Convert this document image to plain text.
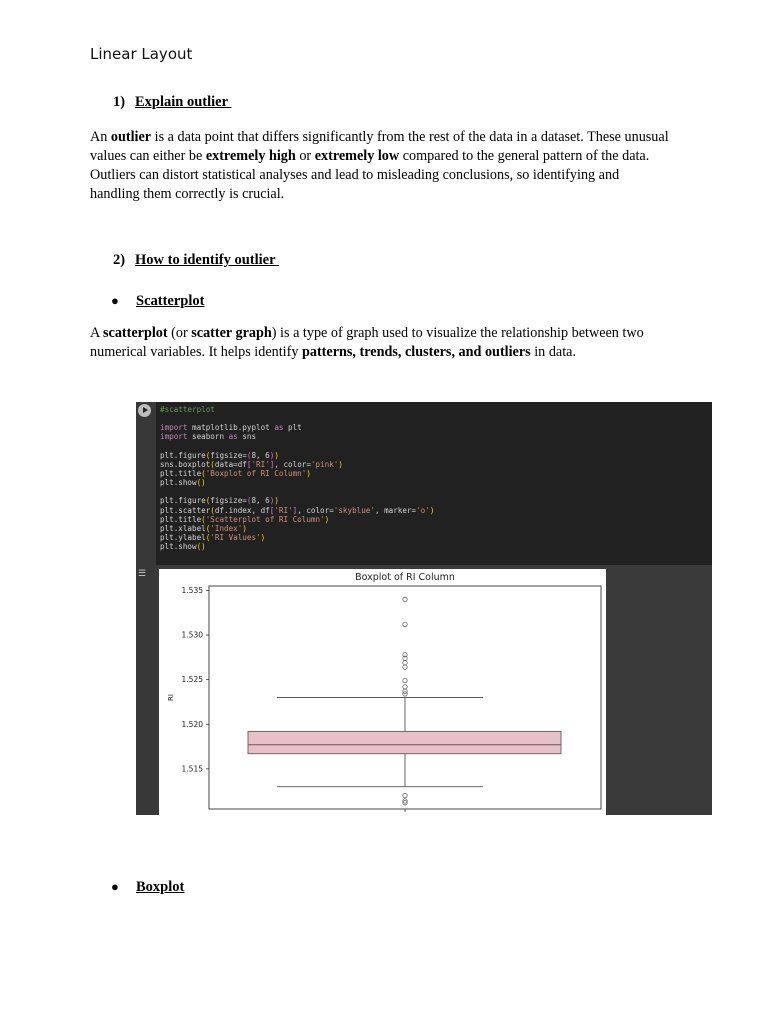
Linear Layout
1) Explain outlier
An outlier is a data point that differs significantly from the rest of the data in a dataset. These unusual values can either be extremely high or extremely low compared to the general pattern of the data. Outliers can distort statistical analyses and lead to misleading conclusions, so identifying and handling them correctly is crucial.
2) How to identify outlier
● Scatterplot
A scatterplot (or scatter graph) is a type of graph used to visualize the relationship between two numerical variables. It helps identify patterns, trends, clusters, and outliers in data.
#scatterplot
import matplotlib.pyplot as plt
import seaborn as sns
plt.figure(figsize=(8, 6))
sns.boxplot(data=df['RI'], color='pink')
plt.title('Boxplot of RI Column')
plt.show()
plt.figure(figsize=(8, 6))
plt.scatter(df.index, df['RI'], color='skyblue', marker='o')
plt.title('Scatterplot of RI Column')
plt.xlabel('Index')
plt.ylabel('RI Values')
plt.show()
☰	Boxplot of RI Column
RI
1.515
1.520
1.525
1.530
1.535
● Boxplot
